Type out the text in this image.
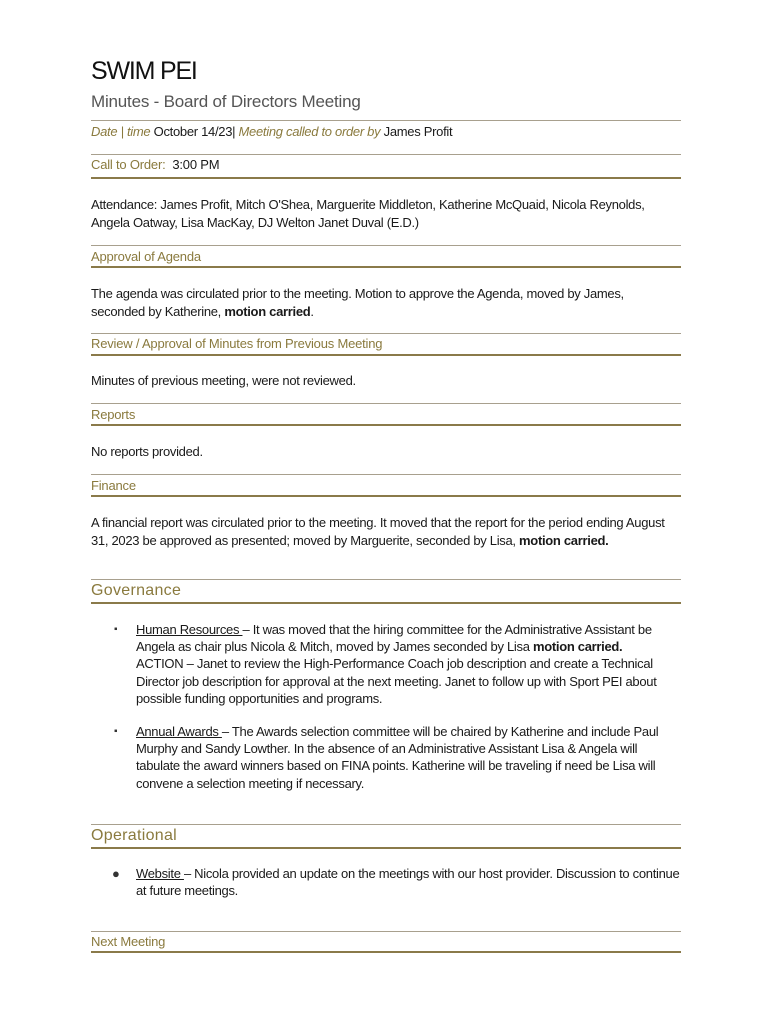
SWIM PEI
Minutes - Board of Directors Meeting
Date | time October 14/23| Meeting called to order by James Profit
Call to Order: 3:00 PM
Attendance: James Profit, Mitch O'Shea, Marguerite Middleton, Katherine McQuaid, Nicola Reynolds, Angela Oatway, Lisa MacKay, DJ Welton Janet Duval (E.D.)
Approval of Agenda
The agenda was circulated prior to the meeting. Motion to approve the Agenda, moved by James, seconded by Katherine, motion carried.
Review / Approval of Minutes from Previous Meeting
Minutes of previous meeting, were not reviewed.
Reports
No reports provided.
Finance
A financial report was circulated prior to the meeting. It moved that the report for the period ending August 31, 2023 be approved as presented; moved by Marguerite, seconded by Lisa, motion carried.
Governance
▪ Human Resources – It was moved that the hiring committee for the Administrative Assistant be Angela as chair plus Nicola & Mitch, moved by James seconded by Lisa motion carried.
ACTION – Janet to review the High-Performance Coach job description and create a Technical Director job description for approval at the next meeting. Janet to follow up with Sport PEI about possible funding opportunities and programs.
▪ Annual Awards – The Awards selection committee will be chaired by Katherine and include Paul Murphy and Sandy Lowther. In the absence of an Administrative Assistant Lisa & Angela will tabulate the award winners based on FINA points. Katherine will be traveling if need be Lisa will convene a selection meeting if necessary.
Operational
● Website – Nicola provided an update on the meetings with our host provider. Discussion to continue at future meetings.
Next Meeting
